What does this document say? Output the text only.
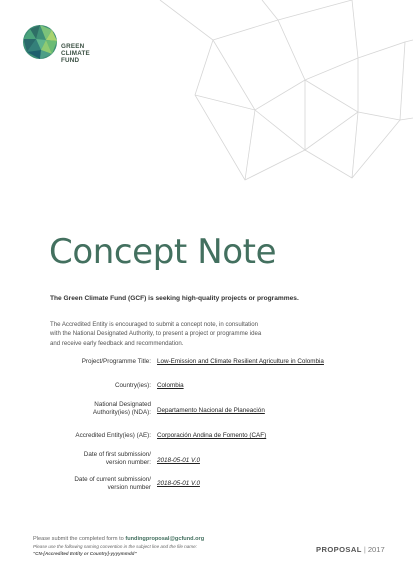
GREEN
CLIMATE
FUND
Concept Note

The Green Climate Fund (GCF) is seeking high-quality projects or programmes.

The Accredited Entity is encouraged to submit a concept note, in consultation
with the National Designated Authority, to present a project or programme idea
and receive early feedback and recommendation.

Project/Programme Title: Low-Emission and Climate Resilient Agriculture in Colombia
Country(ies): Colombia
National Designated
Authority(ies) (NDA): Departamento Nacional de Planeación
Accredited Entity(ies) (AE): Corporación Andina de Fomento (CAF)
Date of first submission/
version number: 2018-05-01 V.0
Date of current submission/
version number
2018-05-01 V.0
Please submit the completed form to fundingproposal@gcfund.org
Please use the following naming convention in the subject line and the file name:
"CN-[Accredited Entity or Country]-yyyymmdd"	PROPOSAL | 2017
